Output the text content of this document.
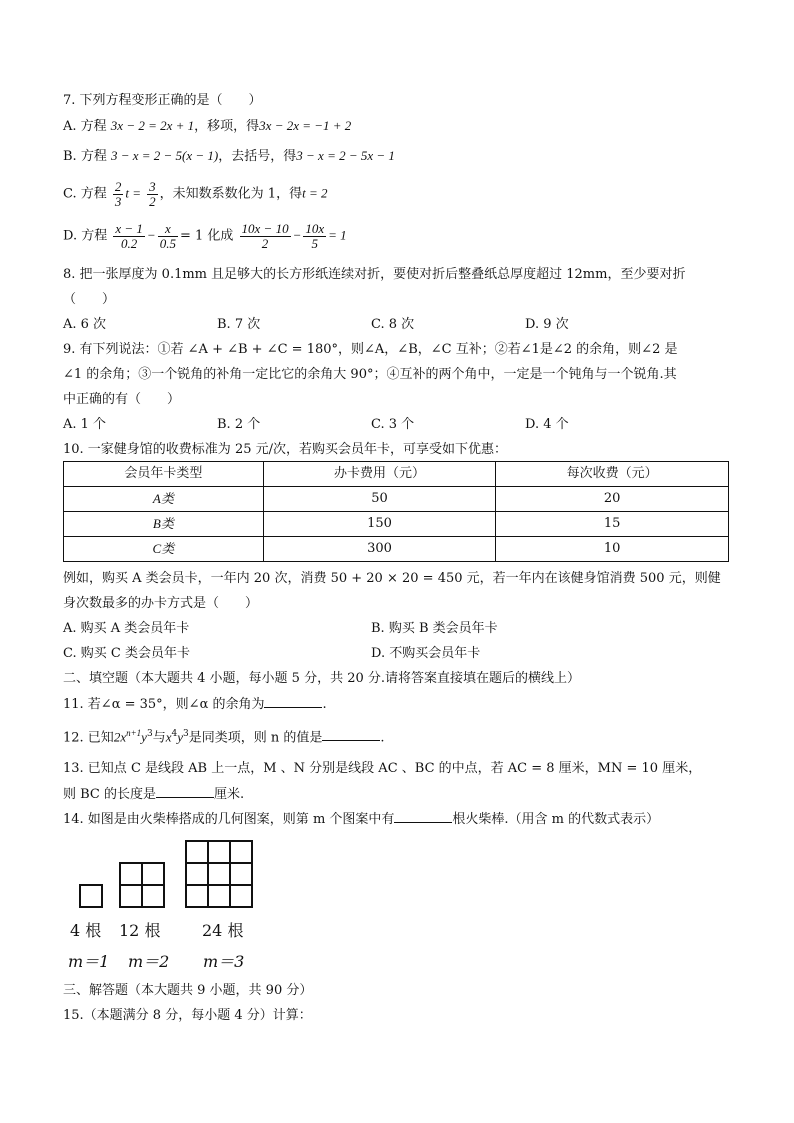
7. 下列方程变形正确的是（　　）
A. 方程 3x − 2 = 2x + 1，移项，得3x − 2x = −1 + 2
B. 方程 3 − x = 2 − 5(x − 1)，去括号，得3 − x = 2 − 5x − 1
C. 方程 $\frac{2}{3}$ $t = \frac{3}{2}$ ，未知数系数化为 1，得t = 2
D. 方程 $\frac{x - 1}{0.2} - \frac{x}{0.5} = 1$ 化成 $\frac{10x - 10}{2} - \frac{10x}{5} = 1$
8. 把一张厚度为 0.1mm 且足够大的长方形纸连续对折，要使对折后整叠纸总厚度超过 12mm，至少要对折
（　　）
A. 6 次	B. 7 次	C. 8 次	D. 9 次
9. 有下列说法：①若 ∠A + ∠B + ∠C = 180°，则∠A，∠B，∠C 互补；②若∠1是∠2 的余角，则∠2 是
∠1 的余角；③一个锐角的补角一定比它的余角大 90°；④互补的两个角中，一定是一个钝角与一个锐角.其
中正确的有（　　）
A. 1 个	B. 2 个	C. 3 个	D. 4 个
10. 一家健身馆的收费标准为 25 元/次，若购买会员年卡，可享受如下优惠：
会员年卡类型	办卡费用（元）	每次收费（元）
A类	50	20
B类	150	15
C类	300	10
例如，购买 A 类会员卡，一年内 20 次，消费 50 + 20 × 20 = 450 元，若一年内在该健身馆消费 500 元，则健
身次数最多的办卡方式是（　　）
A. 购买 A 类会员年卡	B. 购买 B 类会员年卡
C. 购买 C 类会员年卡	D. 不购买会员年卡
二、填空题（本大题共 4 小题，每小题 5 分，共 20 分.请将答案直接填在题后的横线上）
11. 若∠α = 35°，则∠α 的余角为	.
12. 已知$2x^{n+1}y^3$与$x^4y^3$是同类项，则 n 的值是	.
13. 已知点 C 是线段 AB 上一点，M 、N 分别是线段 AC 、BC 的中点，若 AC = 8 厘米，MN = 10 厘米，
则 BC 的长度是	厘米.
14. 如图是由火柴棒搭成的几何图案，则第 m 个图案中有	根火柴棒.（用含 m 的代数式表示）
4 根 12 根	24 根
m＝1 m＝2 m＝3
三、解答题（本大题共 9 小题，共 90 分）
15.（本题满分 8 分，每小题 4 分）计算：
